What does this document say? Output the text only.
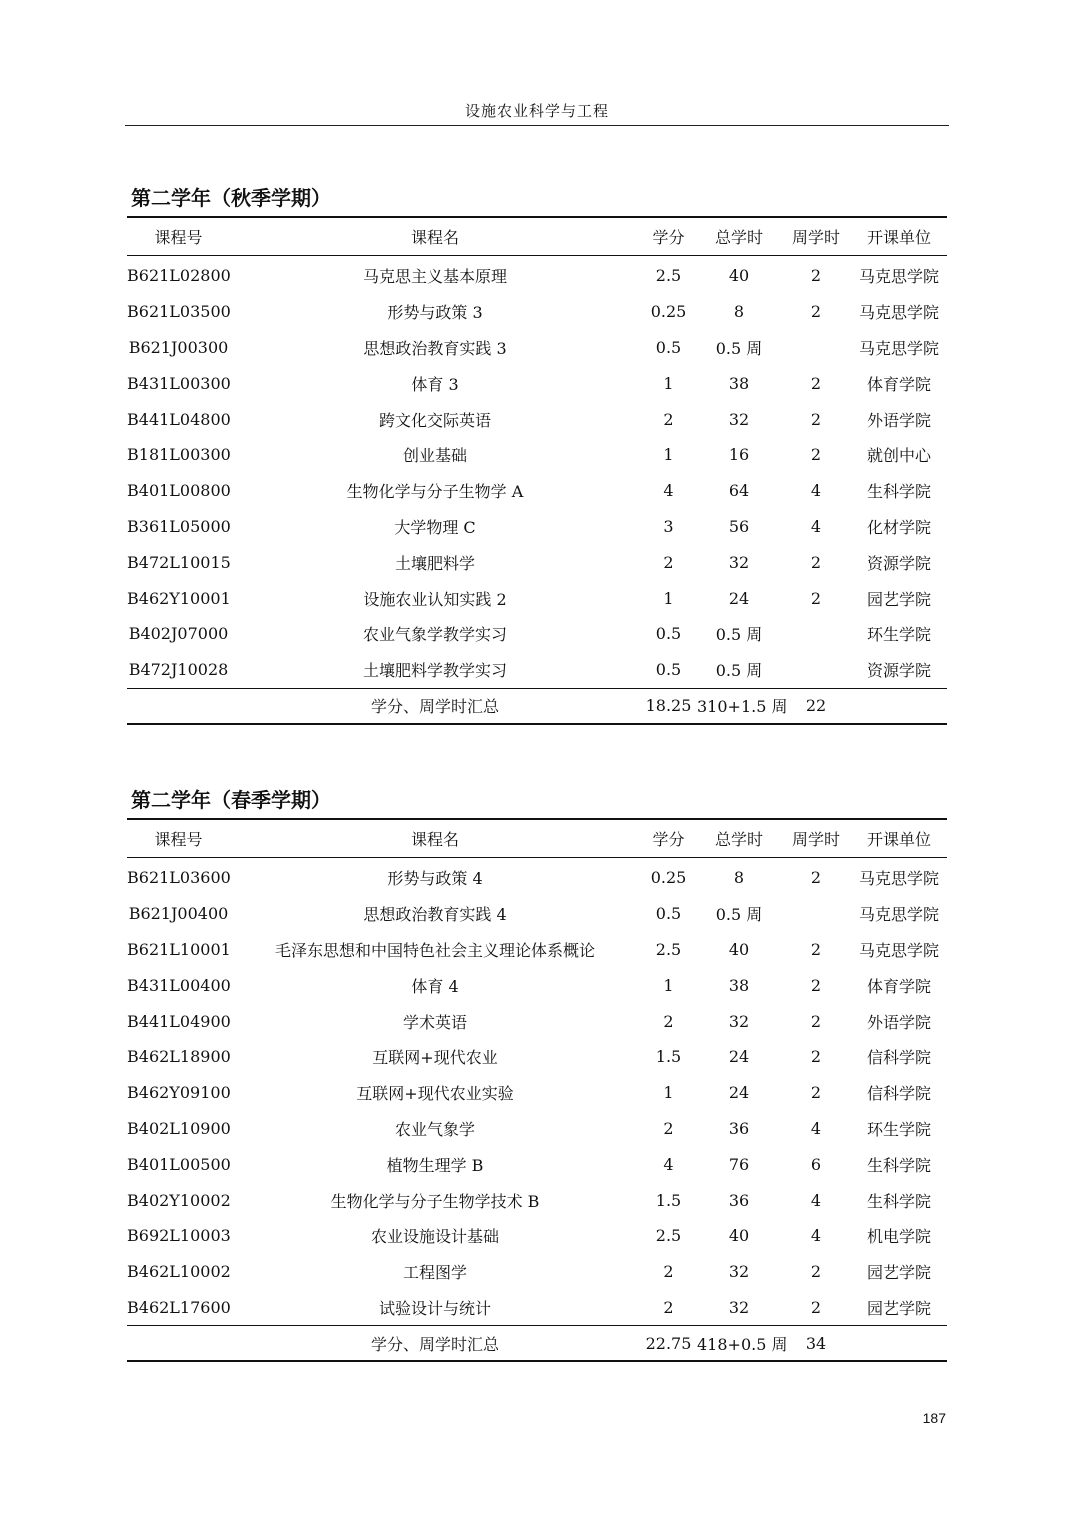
设施农业科学与工程
第二学年（秋季学期）
课程号	课程名	学分	总学时	周学时	开课单位
B621L02800	马克思主义基本原理	2.5	40	2	马克思学院
B621L03500	形势与政策 3	0.25	8	2	马克思学院
B621J00300	思想政治教育实践 3	0.5	0.5 周		马克思学院
B431L00300	体育 3	1	38	2	体育学院
B441L04800	跨文化交际英语	2	32	2	外语学院
B181L00300	创业基础	1	16	2	就创中心
B401L00800	生物化学与分子生物学 A	4	64	4	生科学院
B361L05000	大学物理 C	3	56	4	化材学院
B472L10015	土壤肥料学	2	32	2	资源学院
B462Y10001	设施农业认知实践 2	1	24	2	园艺学院
B402J07000	农业气象学教学实习	0.5	0.5 周		环生学院
B472J10028	土壤肥料学教学实习	0.5	0.5 周		资源学院
	学分、周学时汇总	18.25	310+1.5 周	22	
第二学年（春季学期）
课程号	课程名	学分	总学时	周学时	开课单位
B621L03600	形势与政策 4	0.25	8	2	马克思学院
B621J00400	思想政治教育实践 4	0.5	0.5 周		马克思学院
B621L10001	毛泽东思想和中国特色社会主义理论体系概论	2.5	40	2	马克思学院
B431L00400	体育 4	1	38	2	体育学院
B441L04900	学术英语	2	32	2	外语学院
B462L18900	互联网+现代农业	1.5	24	2	信科学院
B462Y09100	互联网+现代农业实验	1	24	2	信科学院
B402L10900	农业气象学	2	36	4	环生学院
B401L00500	植物生理学 B	4	76	6	生科学院
B402Y10002	生物化学与分子生物学技术 B	1.5	36	4	生科学院
B692L10003	农业设施设计基础	2.5	40	4	机电学院
B462L10002	工程图学	2	32	2	园艺学院
B462L17600	试验设计与统计	2	32	2	园艺学院
	学分、周学时汇总	22.75	418+0.5 周	34	
187
